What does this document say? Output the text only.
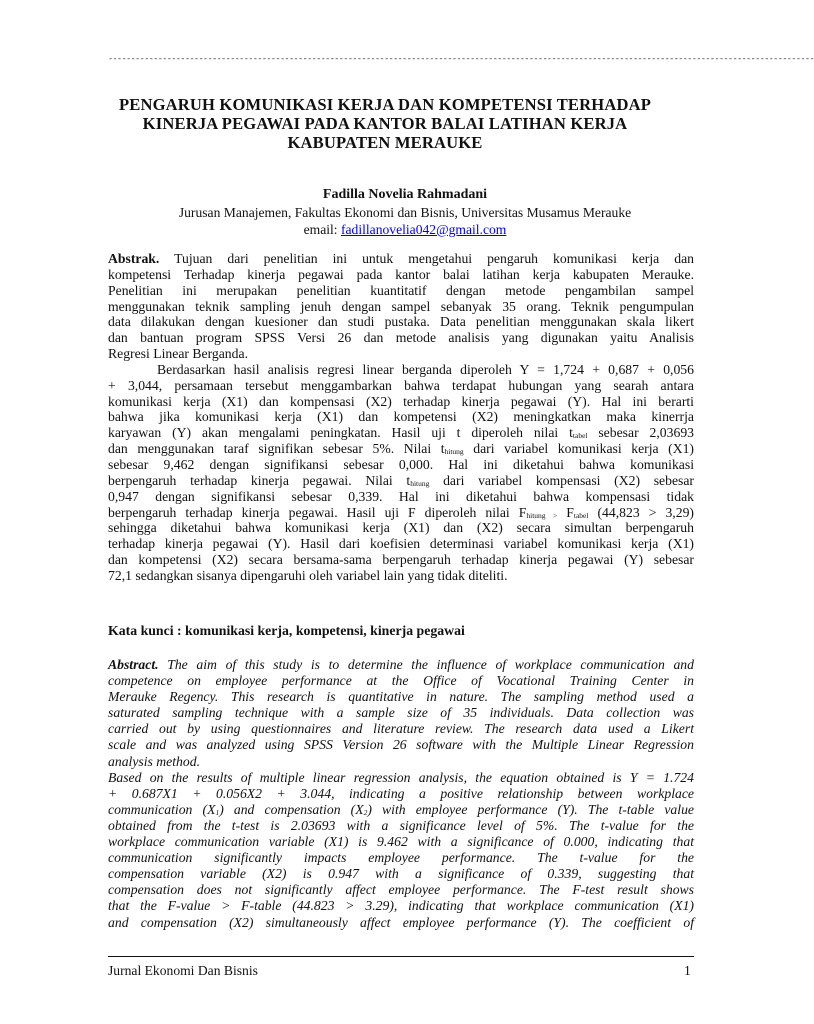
------------------------------------------------------------------------------------------------------------------------------------------------------------
PENGARUH KOMUNIKASI KERJA DAN KOMPETENSI TERHADAP
KINERJA PEGAWAI PADA KANTOR BALAI LATIHAN KERJA
KABUPATEN MERAUKE
Fadilla Novelia Rahmadani
Jurusan Manajemen, Fakultas Ekonomi dan Bisnis, Universitas Musamus Merauke
email: fadillanovelia042@gmail.com
Abstrak. Tujuan dari penelitian ini untuk mengetahui pengaruh komunikasi kerja dan
kompetensi Terhadap kinerja pegawai pada kantor balai latihan kerja kabupaten Merauke.
Penelitian ini merupakan penelitian kuantitatif dengan metode pengambilan sampel
menggunakan teknik sampling jenuh dengan sampel sebanyak 35 orang. Teknik pengumpulan
data dilakukan dengan kuesioner dan studi pustaka. Data penelitian menggunakan skala likert
dan bantuan program SPSS Versi 26 dan metode analisis yang digunakan yaitu Analisis
Regresi Linear Berganda.
Berdasarkan hasil analisis regresi linear berganda diperoleh Y = 1,724 + 0,687 + 0,056
+ 3,044, persamaan tersebut menggambarkan bahwa terdapat hubungan yang searah antara
komunikasi kerja (X1) dan kompensasi (X2) terhadap kinerja pegawai (Y). Hal ini berarti
bahwa jika komunikasi kerja (X1) dan kompetensi (X2) meningkatkan maka kinerrja
karyawan (Y) akan mengalami peningkatan. Hasil uji t diperoleh nilai $t_{tabel}$ sebesar 2,03693
dan menggunakan taraf signifikan sebesar 5%. Nilai $t_{hitung}$ dari variabel komunikasi kerja (X1)
sebesar 9,462 dengan signifikansi sebesar 0,000. Hal ini diketahui bahwa komunikasi
berpengaruh terhadap kinerja pegawai. Nilai $t_{hitung}$ dari variabel kompensasi (X2) sebesar
0,947 dengan signifikansi sebesar 0,339. Hal ini diketahui bahwa kompensasi tidak
berpengaruh terhadap kinerja pegawai. Hasil uji F diperoleh nilai $F_{hitung >}$ $F_{tabel}$ (44,823 > 3,29)
sehingga diketahui bahwa komunikasi kerja (X1) dan (X2) secara simultan berpengaruh
terhadap kinerja pegawai (Y). Hasil dari koefisien determinasi variabel komunikasi kerja (X1)
dan kompetensi (X2) secara bersama-sama berpengaruh terhadap kinerja pegawai (Y) sebesar
72,1 sedangkan sisanya dipengaruhi oleh variabel lain yang tidak diteliti.
Kata kunci : komunikasi kerja, kompetensi, kinerja pegawai
Abstract. The aim of this study is to determine the influence of workplace communication and
competence on employee performance at the Office of Vocational Training Center in
Merauke Regency. This research is quantitative in nature. The sampling method used a
saturated sampling technique with a sample size of 35 individuals. Data collection was
carried out by using questionnaires and literature review. The research data used a Likert
scale and was analyzed using SPSS Version 26 software with the Multiple Linear Regression
analysis method.
Based on the results of multiple linear regression analysis, the equation obtained is Y = 1.724
+ 0.687X1 + 0.056X2 + 3.044, indicating a positive relationship between workplace
communication $(X_1)$ and compensation $(X_2)$ with employee performance (Y). The t-table value
obtained from the t-test is 2.03693 with a significance level of 5%. The t-value for the
workplace communication variable (X1) is 9.462 with a significance of 0.000, indicating that
communication significantly impacts employee performance. The t-value for the
compensation variable (X2) is 0.947 with a significance of 0.339, suggesting that
compensation does not significantly affect employee performance. The F-test result shows
that the F-value > F-table (44.823 > 3.29), indicating that workplace communication (X1)
and compensation (X2) simultaneously affect employee performance (Y). The coefficient of
Jurnal Ekonomi Dan Bisnis	1
